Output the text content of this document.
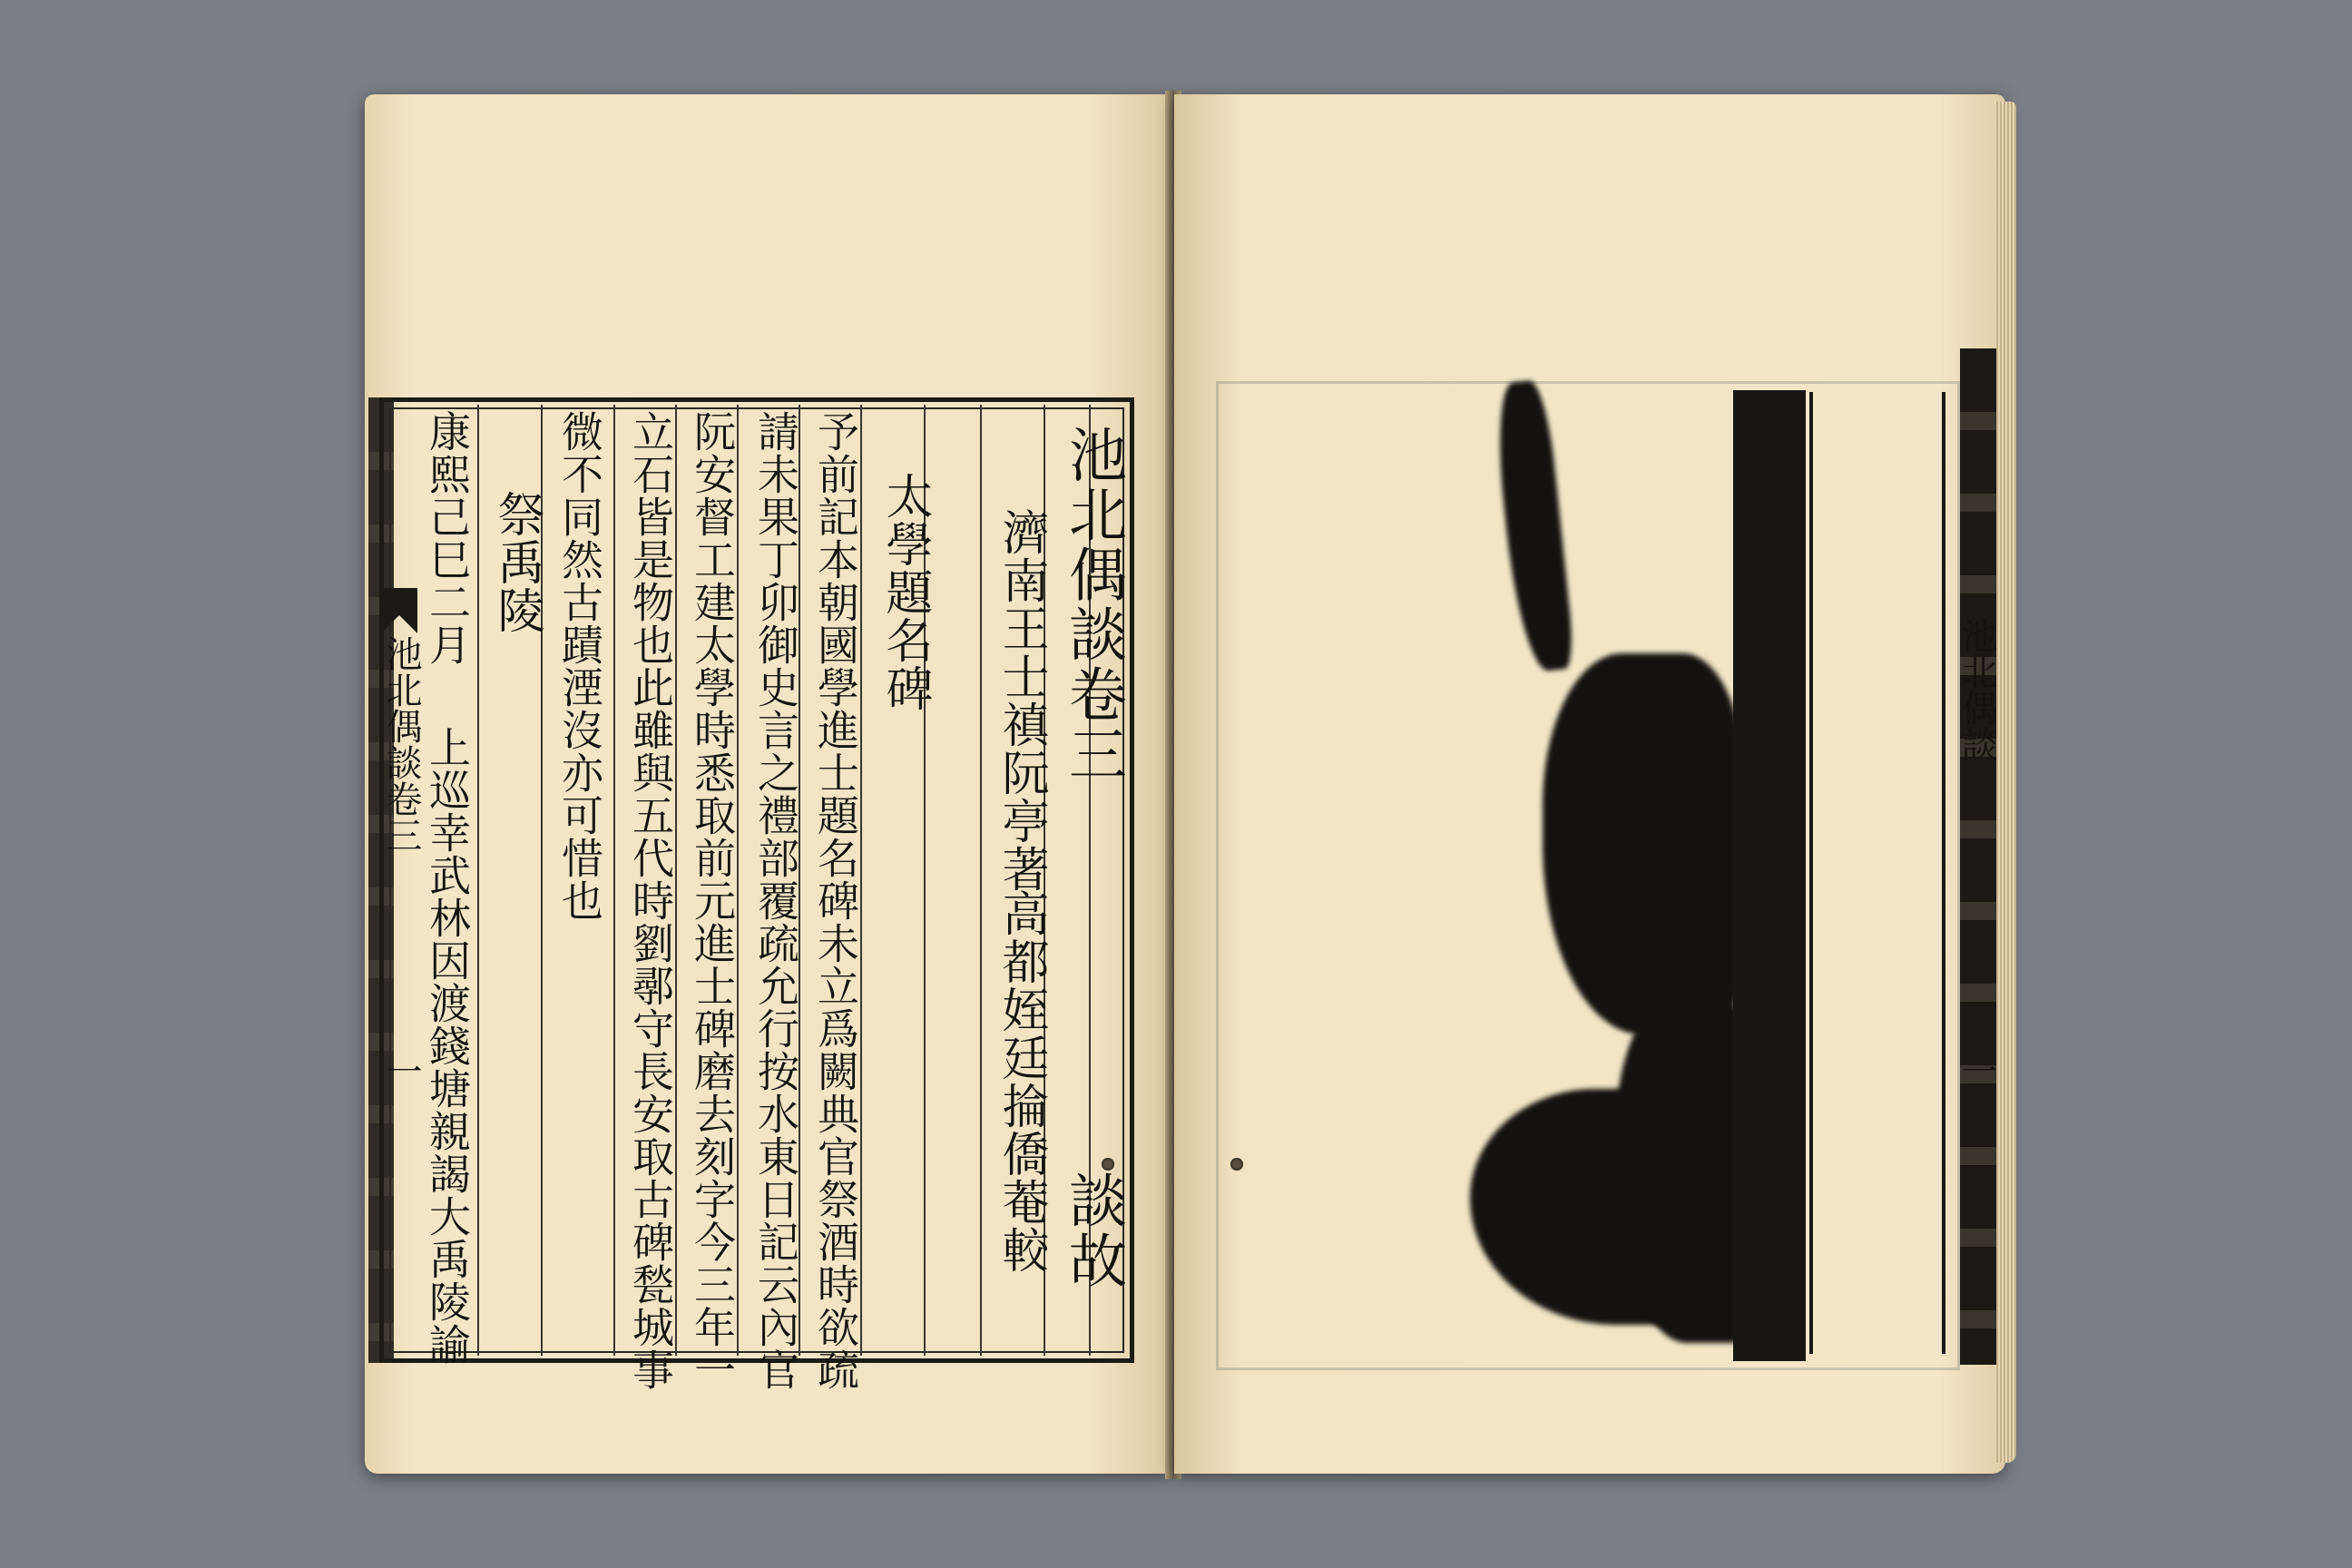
池北偶談卷三
談故
濟南王士禛阮亭著
高都姪廷掄僑菴較
太學題名碑
予前記本朝國學進士題名碑未立爲闕典官祭酒時欲疏
請未果丁卯御史言之禮部覆疏允行按水東日記云內官
阮安督工建太學時悉取前元進士碑磨去刻字今三年一
立石皆是物也此雖與五代時劉鄩守長安取古碑甃城事
微不同然古蹟湮沒亦可惜也
祭禹陵
康熙己巳二月
上巡幸武林因渡錢塘親謁大禹陵諭
池北偶談卷三
一

池北偶談
一
